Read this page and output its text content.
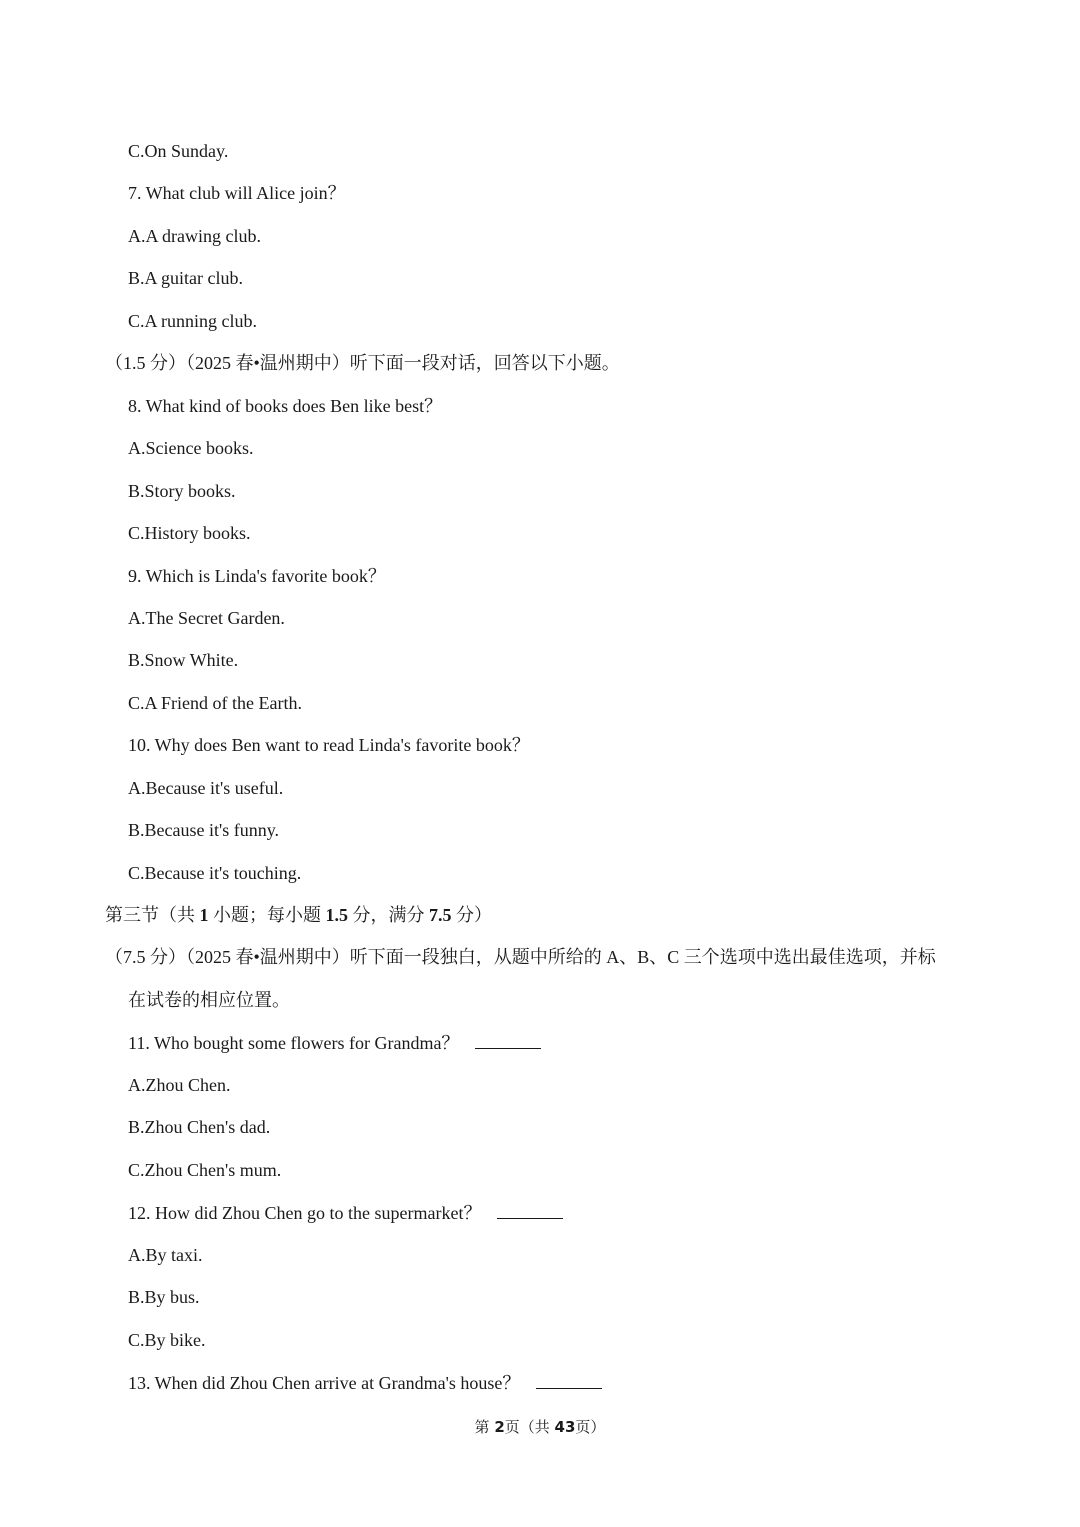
C.On Sunday.
7. What club will Alice join？
A.A drawing club.
B.A guitar club.
C.A running club.
（1.5 分）（2025 春•温州期中）听下面一段对话，回答以下小题。
8. What kind of books does Ben like best？
A.Science books.
B.Story books.
C.History books.
9. Which is Linda's favorite book？
A.The Secret Garden.
B.Snow White.
C.A Friend of the Earth.
10. Why does Ben want to read Linda's favorite book？
A.Because it's useful.
B.Because it's funny.
C.Because it's touching.
第三节（共 1 小题；每小题 1.5 分，满分 7.5 分）
（7.5 分）（2025 春•温州期中）听下面一段独白，从题中所给的 A、B、C 三个选项中选出最佳选项，并标
在试卷的相应位置。
11. Who bought some flowers for Grandma？
A.Zhou Chen.
B.Zhou Chen's dad.
C.Zhou Chen's mum.
12. How did Zhou Chen go to the supermarket？
A.By taxi.
B.By bus.
C.By bike.
13. When did Zhou Chen arrive at Grandma's house？
第 2页（共 43页）
